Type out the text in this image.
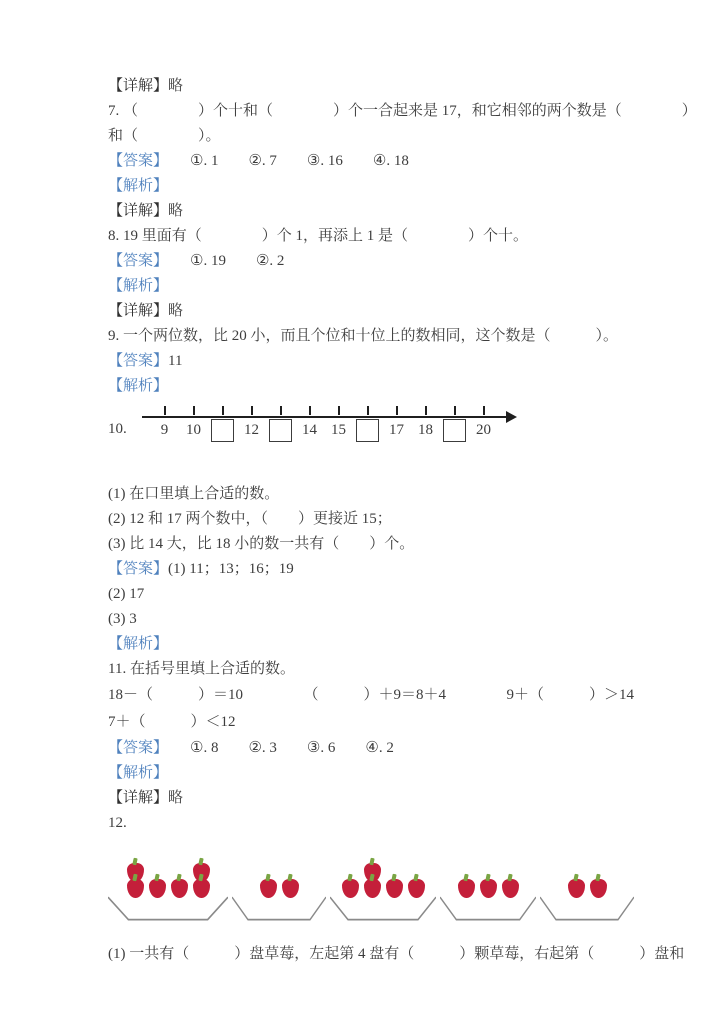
【详解】略

7. （　　　　）个十和（　　　　）个一合起来是 17，和它相邻的两个数是（　　　　）

和（　　　　）。

【答案】 ①. 1 ②. 7 ③. 16 ④. 18

【解析】

【详解】略

8. 19 里面有（　　　　）个 1，再添上 1 是（　　　　）个十。

【答案】 ①. 19 ②. 2

【解析】

【详解】略

9. 一个两位数，比 20 小，而且个位和十位上的数相同，这个数是（　　　）。

【答案】11

【解析】

10.	9 10	12	14 15	17 18	20

(1) 在口里填上合适的数。

(2) 12 和 17 两个数中，（　　）更接近 15；

(3) 比 14 大，比 18 小的数一共有（　　）个。

【答案】(1) 11；13；16；19

(2) 17

(3) 3

【解析】

11. 在括号里填上合适的数。

18－（　　　）＝10	（　　　）＋9＝8＋4	9＋（　　　）＞14

7＋（　　　）＜12

【答案】 ①. 8 ②. 3 ③. 6 ④. 2

【解析】

【详解】略

12.

(1) 一共有（　　　）盘草莓，左起第 4 盘有（　　　）颗草莓，右起第（　　　）盘和
